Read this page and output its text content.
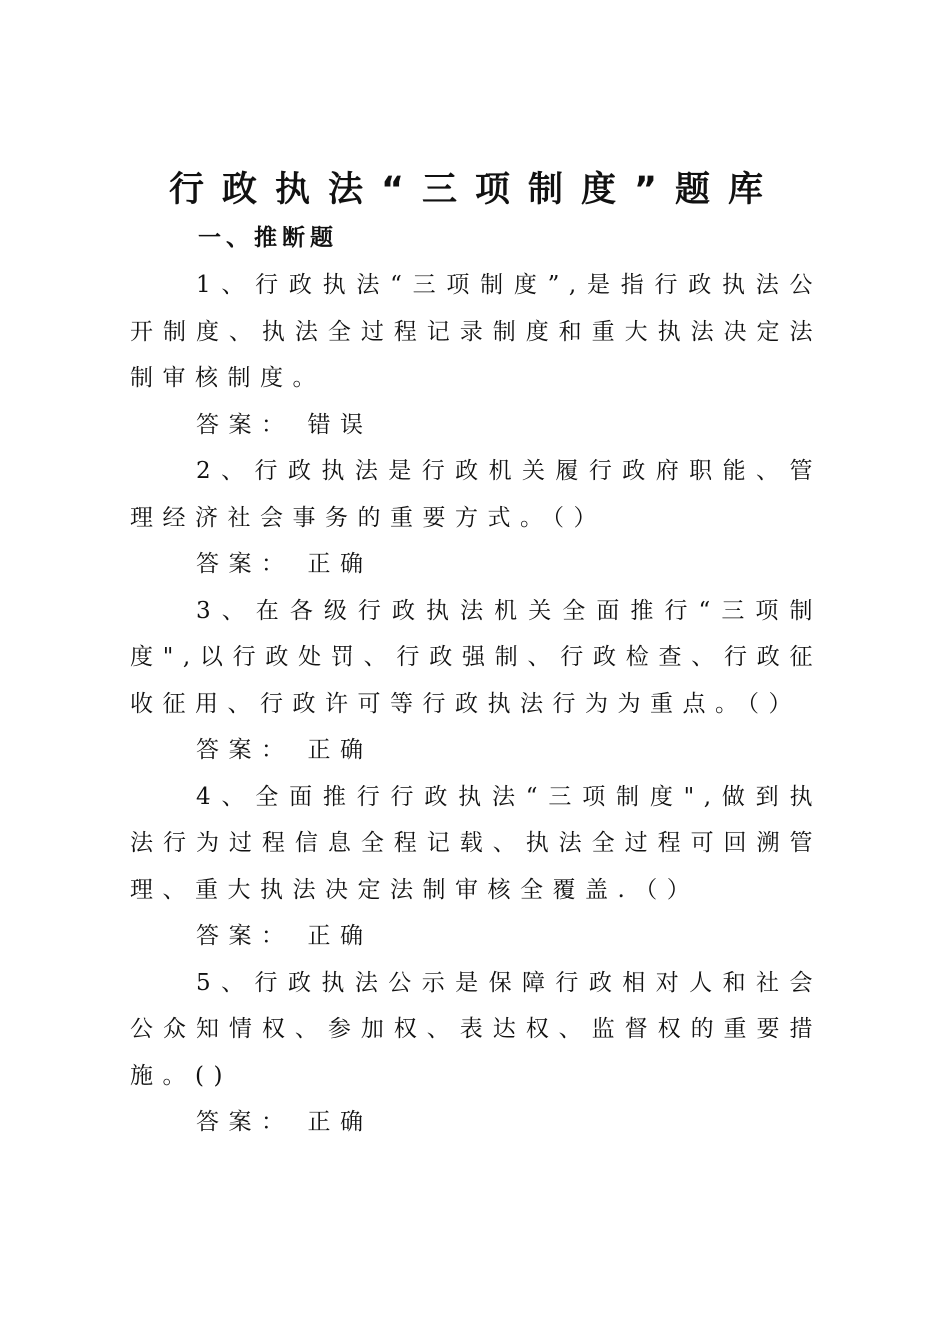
行政执法“三项制度”题库
一、推断题

1、行政执法“三项制度”,是指行政执法公开制度、执法全过程记录制度和重大执法决定法制审核制度。

答案： 错误

2、行政执法是行政机关履行政府职能、管理经济社会事务的重要方式。（）

答案： 正确

3、在各级行政执法机关全面推行“三项制度",以行政处罚、行政强制、行政检查、行政征收征用、行政许可等行政执法行为为重点。（）

答案： 正确

4、全面推行行政执法“三项制度",做到执法行为过程信息全程记载、执法全过程可回溯管理、重大执法决定法制审核全覆盖.（）

答案： 正确

5、行政执法公示是保障行政相对人和社会公众知情权、参加权、表达权、监督权的重要措施。()

答案： 正确
